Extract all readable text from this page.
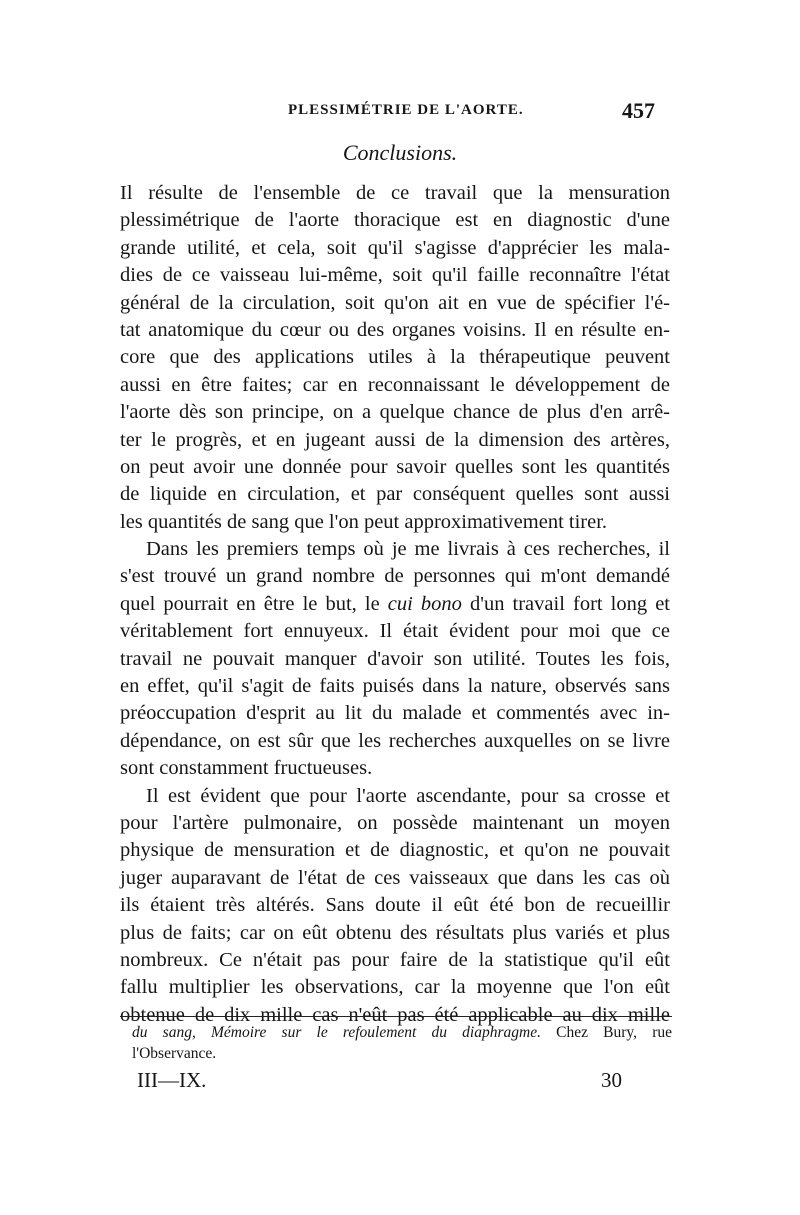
PLESSIMÉTRIE DE L'AORTE.	457
Conclusions.
Il résulte de l'ensemble de ce travail que la mensuration
plessimétrique de l'aorte thoracique est en diagnostic d'une
grande utilité, et cela, soit qu'il s'agisse d'apprécier les mala-
dies de ce vaisseau lui-même, soit qu'il faille reconnaître l'état
général de la circulation, soit qu'on ait en vue de spécifier l'é-
tat anatomique du cœur ou des organes voisins. Il en résulte en-
core que des applications utiles à la thérapeutique peuvent
aussi en être faites; car en reconnaissant le développement de
l'aorte dès son principe, on a quelque chance de plus d'en arrê-
ter le progrès, et en jugeant aussi de la dimension des artères,
on peut avoir une donnée pour savoir quelles sont les quantités
de liquide en circulation, et par conséquent quelles sont aussi
les quantités de sang que l'on peut approximativement tirer.
Dans les premiers temps où je me livrais à ces recherches, il
s'est trouvé un grand nombre de personnes qui m'ont demandé
quel pourrait en être le but, le cui bono d'un travail fort long et
véritablement fort ennuyeux. Il était évident pour moi que ce
travail ne pouvait manquer d'avoir son utilité. Toutes les fois,
en effet, qu'il s'agit de faits puisés dans la nature, observés sans
préoccupation d'esprit au lit du malade et commentés avec in-
dépendance, on est sûr que les recherches auxquelles on se livre
sont constamment fructueuses.
Il est évident que pour l'aorte ascendante, pour sa crosse et
pour l'artère pulmonaire, on possède maintenant un moyen
physique de mensuration et de diagnostic, et qu'on ne pouvait
juger auparavant de l'état de ces vaisseaux que dans les cas où
ils étaient très altérés. Sans doute il eût été bon de recueillir
plus de faits; car on eût obtenu des résultats plus variés et plus
nombreux. Ce n'était pas pour faire de la statistique qu'il eût
fallu multiplier les observations, car la moyenne que l'on eût
obtenue de dix mille cas n'eût pas été applicable au dix mille
du sang, Mémoire sur le refoulement du diaphragme. Chez Bury, rue
l'Observance.
III—IX.	30
